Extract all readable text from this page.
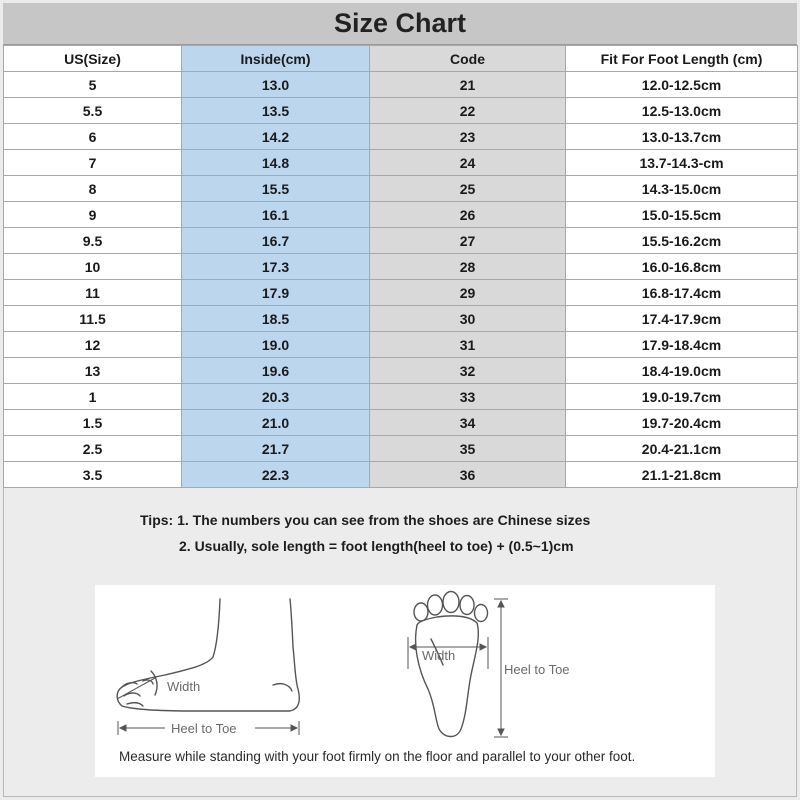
Size Chart
US(Size)	Inside(cm)	Code	Fit For Foot Length (cm)
5	13.0	21	12.0-12.5cm
5.5	13.5	22	12.5-13.0cm
6	14.2	23	13.0-13.7cm
7	14.8	24	13.7-14.3-cm
8	15.5	25	14.3-15.0cm
9	16.1	26	15.0-15.5cm
9.5	16.7	27	15.5-16.2cm
10	17.3	28	16.0-16.8cm
11	17.9	29	16.8-17.4cm
11.5	18.5	30	17.4-17.9cm
12	19.0	31	17.9-18.4cm
13	19.6	32	18.4-19.0cm
1	20.3	33	19.0-19.7cm
1.5	21.0	34	19.7-20.4cm
2.5	21.7	35	20.4-21.1cm
3.5	22.3	36	21.1-21.8cm
Tips: 1. The numbers you can see from the shoes are Chinese sizes
2. Usually, sole length = foot length(heel to toe) + (0.5~1)cm
Width
Heel to Toe
Width
Heel to Toe
Measure while standing with your foot firmly on the floor and parallel to your other foot.
